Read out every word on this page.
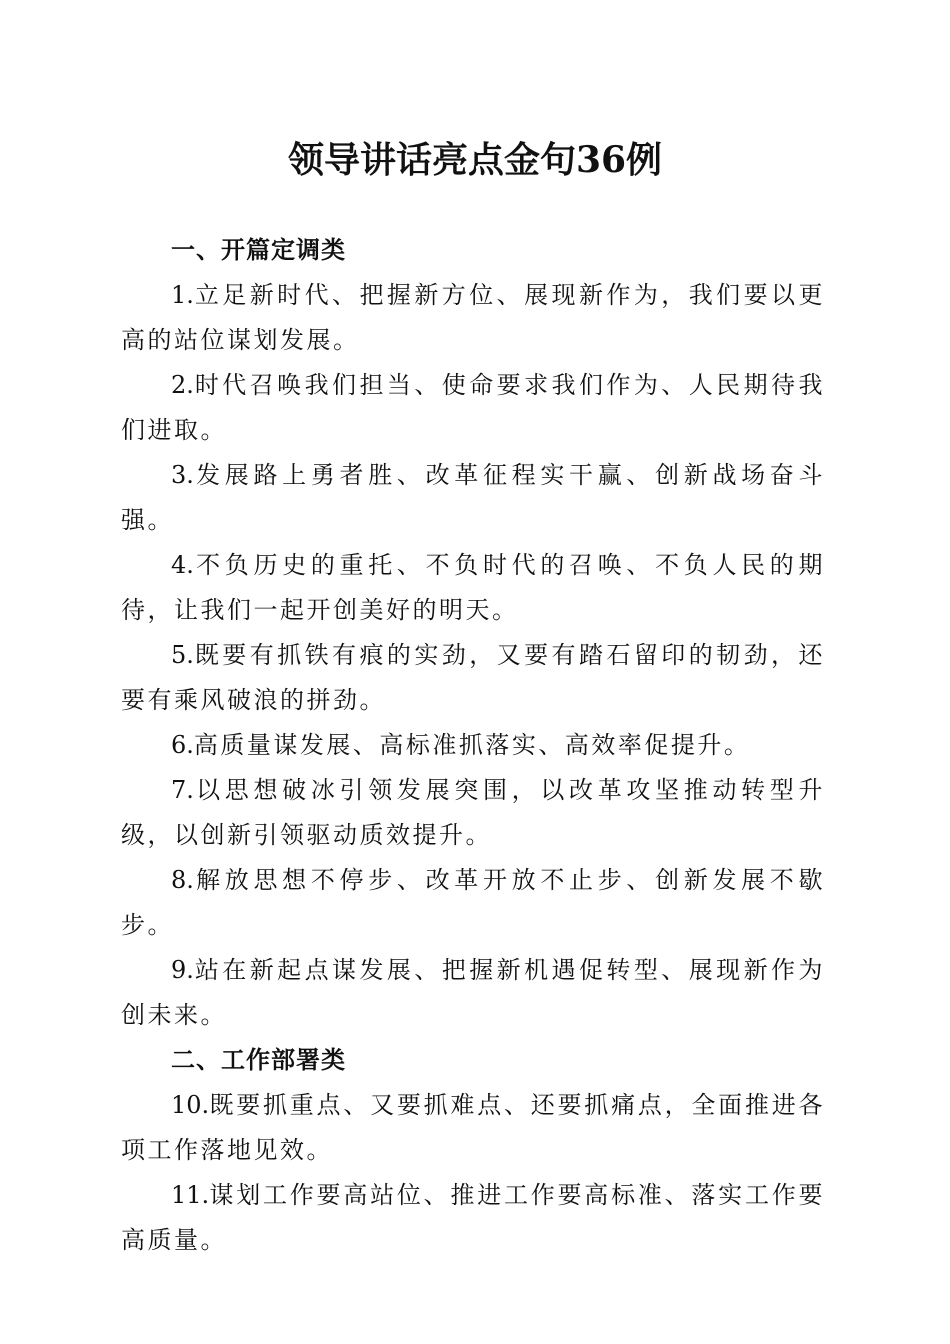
领导讲话亮点金句36例

一、开篇定调类

1.立足新时代、把握新方位、展现新作为，我们要以更高的站位谋划发展。

2.时代召唤我们担当、使命要求我们作为、人民期待我们进取。

3.发展路上勇者胜、改革征程实干赢、创新战场奋斗强。

4.不负历史的重托、不负时代的召唤、不负人民的期待，让我们一起开创美好的明天。

5.既要有抓铁有痕的实劲，又要有踏石留印的韧劲，还要有乘风破浪的拼劲。

6.高质量谋发展、高标准抓落实、高效率促提升。

7.以思想破冰引领发展突围，以改革攻坚推动转型升级，以创新引领驱动质效提升。

8.解放思想不停步、改革开放不止步、创新发展不歇步。

9.站在新起点谋发展、把握新机遇促转型、展现新作为创未来。

二、工作部署类

10.既要抓重点、又要抓难点、还要抓痛点，全面推进各项工作落地见效。

11.谋划工作要高站位、推进工作要高标准、落实工作要高质量。
